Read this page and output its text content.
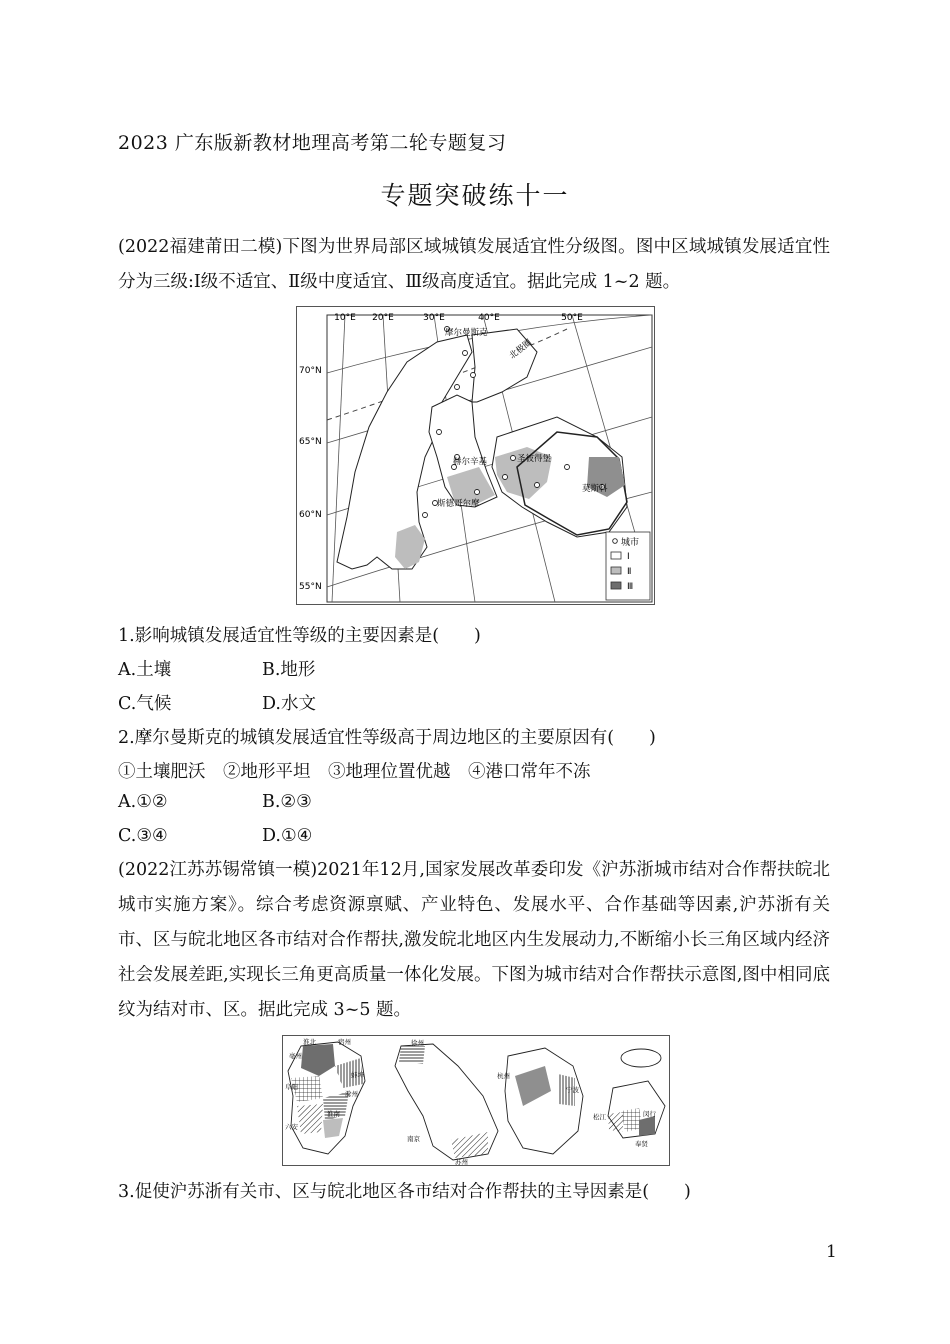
2023 广东版新教材地理高考第二轮专题复习
专题突破练十一
(2022福建莆田二模)下图为世界局部区域城镇发展适宜性分级图。图中区域城镇发展适宜性分为三级:Ⅰ级不适宜、Ⅱ级中度适宜、Ⅲ级高度适宜。据此完成 1~2 题。
10°E 20°E	30°E	40°E	50°E
70°N
65°N
60°N
55°N
摩尔曼斯克
北极圈
赫尔辛基	圣彼得堡
莫斯科
斯德哥尔摩
城市
Ⅰ
Ⅱ
Ⅲ
1.影响城镇发展适宜性等级的主要因素是(　　)
A.土壤	B.地形
C.气候	D.水文
2.摩尔曼斯克的城镇发展适宜性等级高于周边地区的主要原因有(　　)
①土壤肥沃　②地形平坦　③地理位置优越　④港口常年不冻
A.①②	B.②③
C.③④	D.①④
(2022江苏苏锡常镇一模)2021年12月,国家发展改革委印发《沪苏浙城市结对合作帮扶皖北城市实施方案》。综合考虑资源禀赋、产业特色、发展水平、合作基础等因素,沪苏浙有关市、区与皖北地区各市结对合作帮扶,激发皖北地区内生发展动力,不断缩小长三角区域内经济社会发展差距,实现长三角更高质量一体化发展。下图为城市结对合作帮扶示意图,图中相同底纹为结对市、区。据此完成 3~5 题。
淮北	宿州
亳州
蚌埠
阜阳
滁州
六安
淮南
徐州
南京
苏州
杭州
宁波
闵行
奉贤
松江
3.促使沪苏浙有关市、区与皖北地区各市结对合作帮扶的主导因素是(　　)
1
